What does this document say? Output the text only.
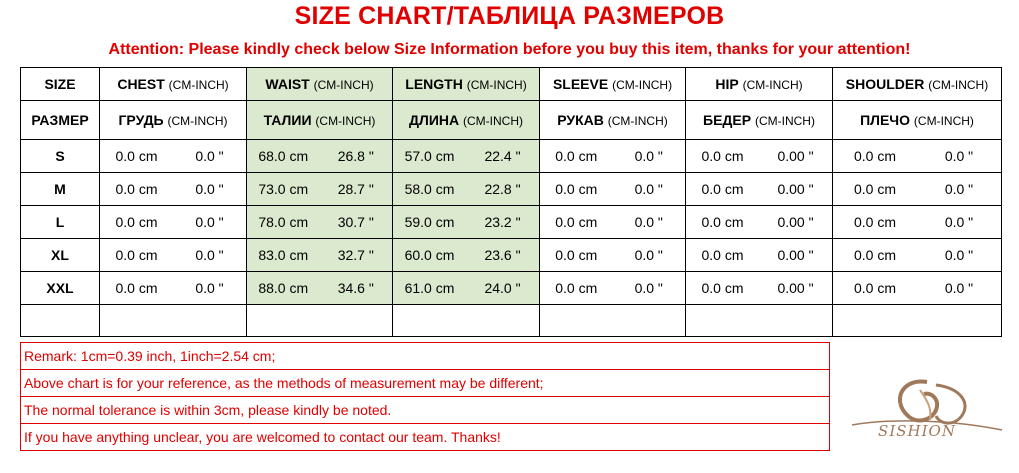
SIZE CHART/ТАБЛИЦА РАЗМЕРОВ
Attention: Please kindly check below Size Information before you buy this item, thanks for your attention!
SIZE	CHEST (CM-INCH)	WAIST (CM-INCH)	LENGTH (CM-INCH)	SLEEVE (CM-INCH)	HIP (CM-INCH)	SHOULDER (CM-INCH)
РАЗМЕР	ГРУДЬ (CM-INCH)	ТАЛИИ (CM-INCH)	ДЛИНА (CM-INCH)	РУКАВ (CM-INCH)	БЕДЕР (CM-INCH)	ПЛЕЧО (CM-INCH)
S	0.0 cm 0.0 "	68.0 cm 26.8 "	57.0 cm 22.4 "	0.0 cm 0.0 "	0.0 cm 0.00 "	0.0 cm 0.0 "

M	0.0 cm 0.0 "	73.0 cm 28.7 "	58.0 cm 22.8 "	0.0 cm 0.0 "	0.0 cm 0.00 "	0.0 cm 0.0 "

L	0.0 cm 0.0 "	78.0 cm 30.7 "	59.0 cm 23.2 "	0.0 cm 0.0 "	0.0 cm 0.00 "	0.0 cm 0.0 "

XL	0.0 cm 0.0 "	83.0 cm 32.7 "	60.0 cm 23.6 "	0.0 cm 0.0 "	0.0 cm 0.00 "	0.0 cm 0.0 "

XXL	0.0 cm 0.0 "	88.0 cm 34.6 "	61.0 cm 24.0 "	0.0 cm 0.0 "	0.0 cm 0.00 "	0.0 cm 0.0 "

Remark: 1cm=0.39 inch, 1inch=2.54 cm;
Above chart is for your reference, as the methods of measurement may be different;
The normal tolerance is within 3cm, please kindly be noted.
If you have anything unclear, you are welcomed to contact our team. Thanks!	SISHION
